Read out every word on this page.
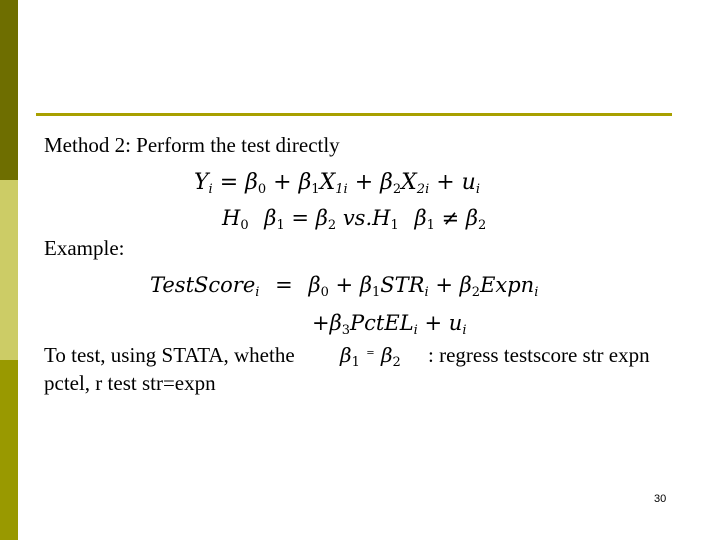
Method 2: Perform the test directly
$Y_i = \beta_0 + \beta_1X_{1i} + \beta_2X_{2i} + u_i$
$H_0$ $\beta_1 = \beta_2$ $vs.H_1$ $\beta_1 \ne \beta_2$
Example:
TestScore$_i$ = $\beta_0 + \beta_1STR_i$ + $\beta_2Expn_i$
$+\beta_3PctEL_i + u_i$
To test, using STATA, whethe $\beta_1$ = $\beta_2$ : regress testscore str expn
pctel, r test str=expn
30
